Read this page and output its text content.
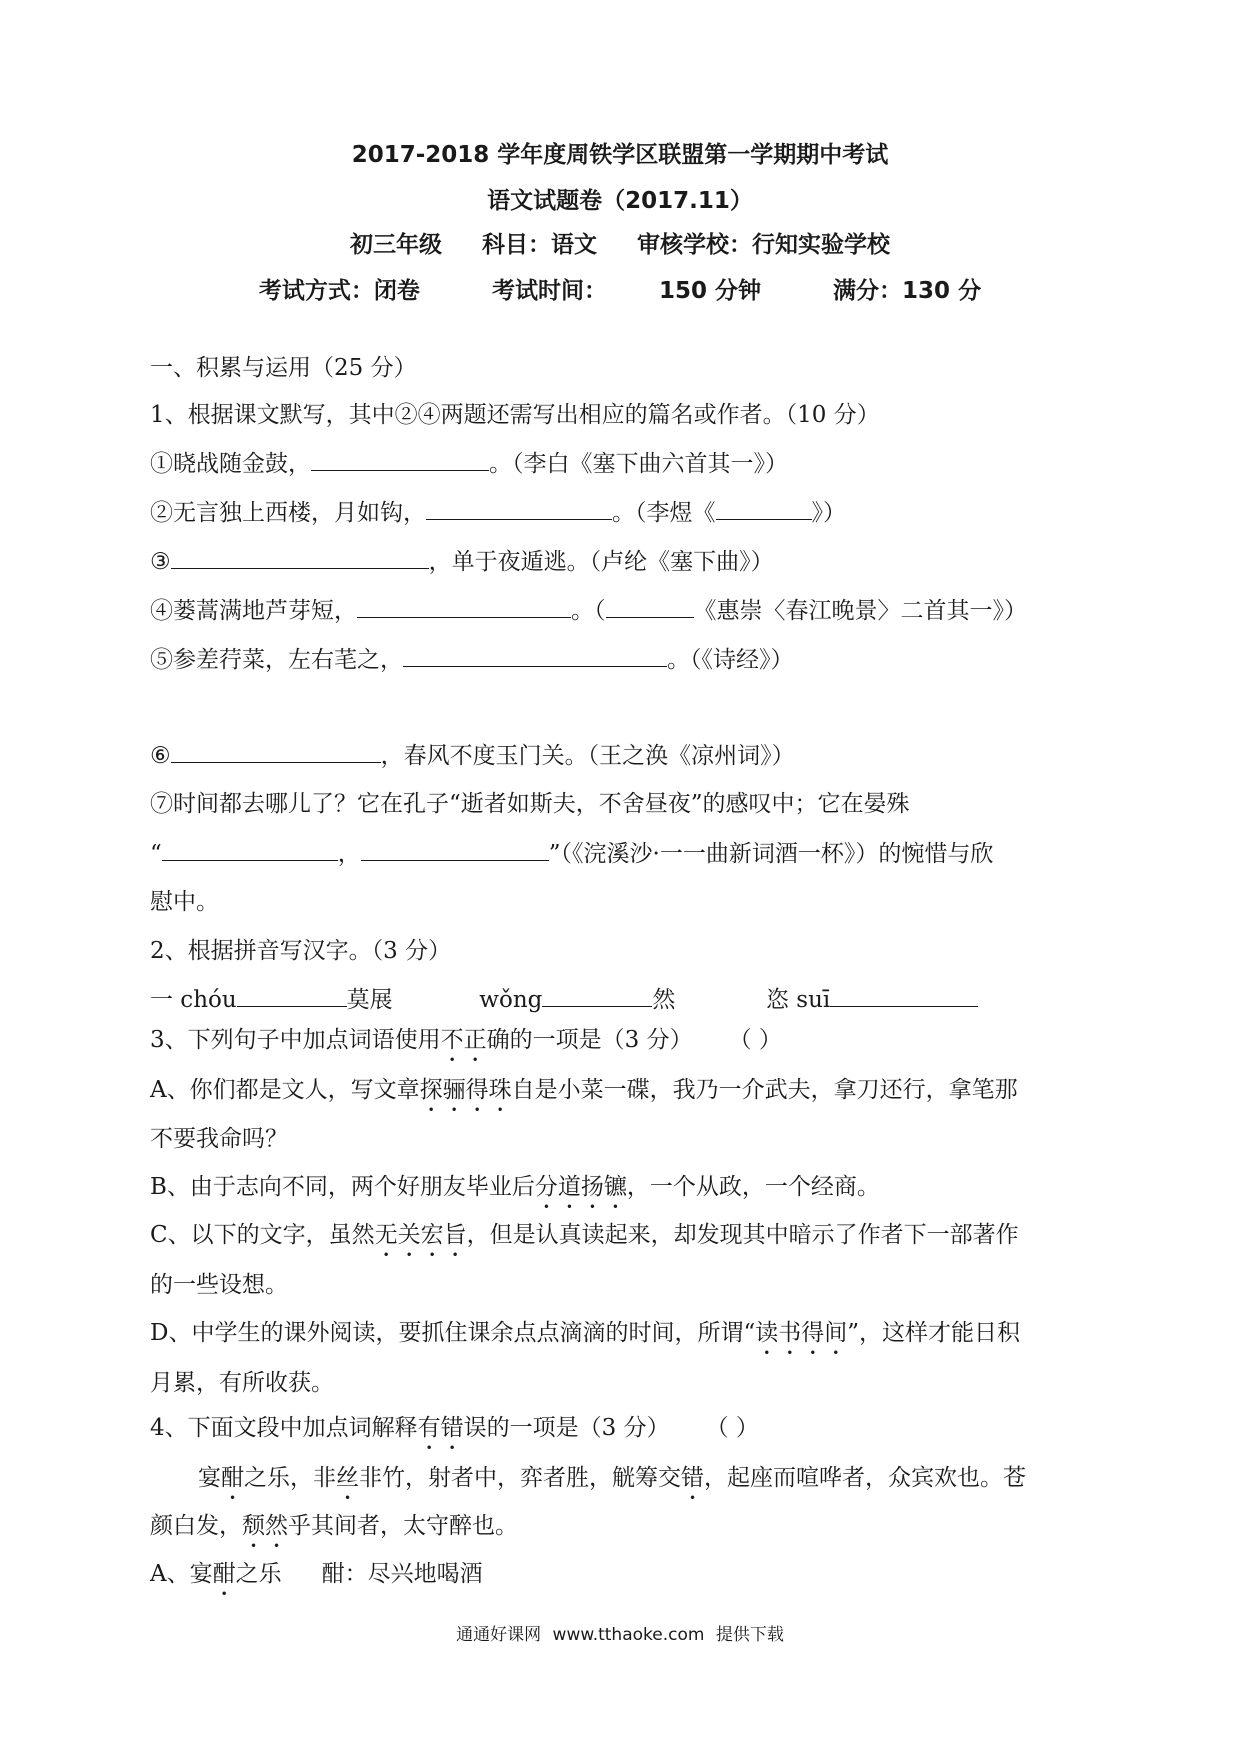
2017-2018 学年度周铁学区联盟第一学期期中考试
语文试题卷（2017.11）
初三年级 科目：语文 审核学校：行知实验学校
考试方式：闭卷	考试时间： 150 分钟	满分：130 分
一、积累与运用（25 分）
1、根据课文默写，其中②④两题还需写出相应的篇名或作者。（10 分）
①晓战随金鼓，	。（李白《塞下曲六首其一》）
②无言独上西楼，月如钩，	。（李煜《	》）
③	，单于夜遁逃。（卢纶《塞下曲》）
④蒌蒿满地芦芽短，	。（	《惠崇〈春江晚景〉二首其一》）
⑤参差荇菜，左右芼之，	。（《诗经》）
⑥	，春风不度玉门关。（王之涣《凉州词》）
⑦时间都去哪儿了？它在孔子“逝者如斯夫，不舍昼夜”的感叹中；它在晏殊
“	，	”（《浣溪沙·一一曲新词酒一杯》）的惋惜与欣
慰中。
2、根据拼音写汉字。（3 分）
一 chóu	莫展	wǒng	然	恣 suī
3、下列句子中加点词语使用不正确的一项是（3 分） （ ）
A、你们都是文人，写文章探骊得珠自是小菜一碟，我乃一介武夫，拿刀还行，拿笔那
不要我命吗？
B、由于志向不同，两个好朋友毕业后分道扬镳，一个从政，一个经商。
C、以下的文字，虽然无关宏旨，但是认真读起来，却发现其中暗示了作者下一部著作
的一些设想。
D、中学生的课外阅读，要抓住课余点点滴滴的时间，所谓“读书得间”，这样才能日积
月累，有所收获。
4、下面文段中加点词解释有错误的一项是（3 分） （ ）
宴酣之乐，非丝非竹，射者中，弈者胜，觥筹交错，起座而喧哗者，众宾欢也。苍
颜白发，颓然乎其间者，太守醉也。
A、宴酣之乐 酣：尽兴地喝酒
通通好课网 www.tthaoke.com 提供下载
